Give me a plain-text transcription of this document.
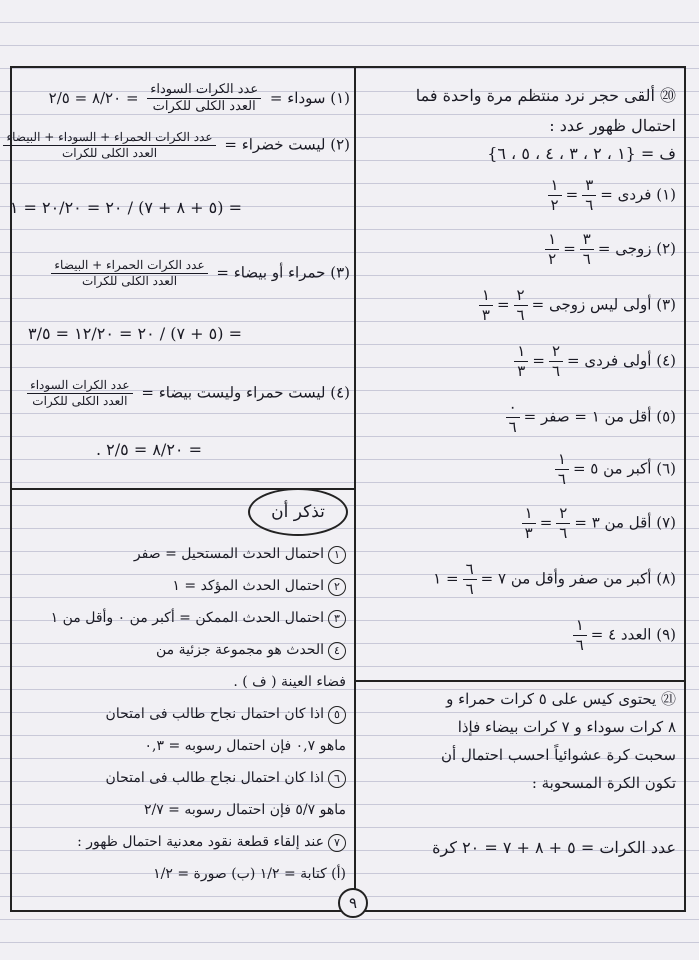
⑳ ألقى حجر نرد منتظم مرة واحدة فما
احتمال ظهور عدد :
ف = {١ ، ٢ ، ٣ ، ٤ ، ٥ ، ٦}
(١) فردى =
$\frac{٣}{٦}$
=
$\frac{١}{٢}$
(٢) زوجى =
$\frac{٣}{٦}$
=
$\frac{١}{٢}$
(٣) أولى ليس زوجى =
$\frac{٢}{٦}$
=
$\frac{١}{٣}$
(٤) أولى فردى =
$\frac{٢}{٦}$
=
$\frac{١}{٣}$
(٥) أقل من ١ = صفر =
$\frac{٠}{٦}$
(٦) أكبر من ٥ =
$\frac{١}{٦}$
(٧) أقل من ٣ =
$\frac{٢}{٦}$
=
$\frac{١}{٣}$
(٨) أكبر من صفر وأقل من ٧ =
$\frac{٦}{٦}$
= ١
(٩) العدد ٤ =
$\frac{١}{٦}$
㉑ يحتوى كيس على ٥ كرات حمراء و
٨ كرات سوداء و ٧ كرات بيضاء فإذا
سحبت كرة عشوائياً احسب احتمال أن
تكون الكرة المسحوبة :
عدد الكرات = ٥ + ٨ + ٧ = ٢٠ كرة
(١) سوداء =
$\frac{\text{عدد الكرات السوداء}}{\text{العدد الكلى للكرات}}$
= ٨/٢٠ = ٢/٥
(٢) ليست خضراء =
$\frac{\text{عدد الكرات الحمراء + السوداء + البيضاء}}{\text{العدد الكلى للكرات}}$
= (٥ + ٨ + ٧) / ٢٠ = ٢٠/٢٠ = ١
(٣) حمراء أو بيضاء =
$\frac{\text{عدد الكرات الحمراء + البيضاء}}{\text{العدد الكلى للكرات}}$
= (٥ + ٧) / ٢٠ = ١٢/٢٠ = ٣/٥
(٤) ليست حمراء وليست بيضاء =
$\frac{\text{عدد الكرات السوداء}}{\text{العدد الكلى للكرات}}$
= ٨/٢٠ = ٢/٥ .
١احتمال الحدث المستحيل = صفر
٢احتمال الحدث المؤكد = ١
٣احتمال الحدث الممكن = أكبر من ٠ وأقل من ١
٤الحدث هو مجموعة جزئية من
فضاء العينة ( ف ) .
٥اذا كان احتمال نجاح طالب فى امتحان
ماهو ٠,٧ فإن احتمال رسوبه = ٠,٣
٦اذا كان احتمال نجاح طالب فى امتحان
ماهو ٥/٧ فإن احتمال رسوبه = ٢/٧
٧عند إلقاء قطعة نقود معدنية احتمال ظهور :
(أ) كتابة = ١/٢ (ب) صورة = ١/٢
تذكر أن
٩
